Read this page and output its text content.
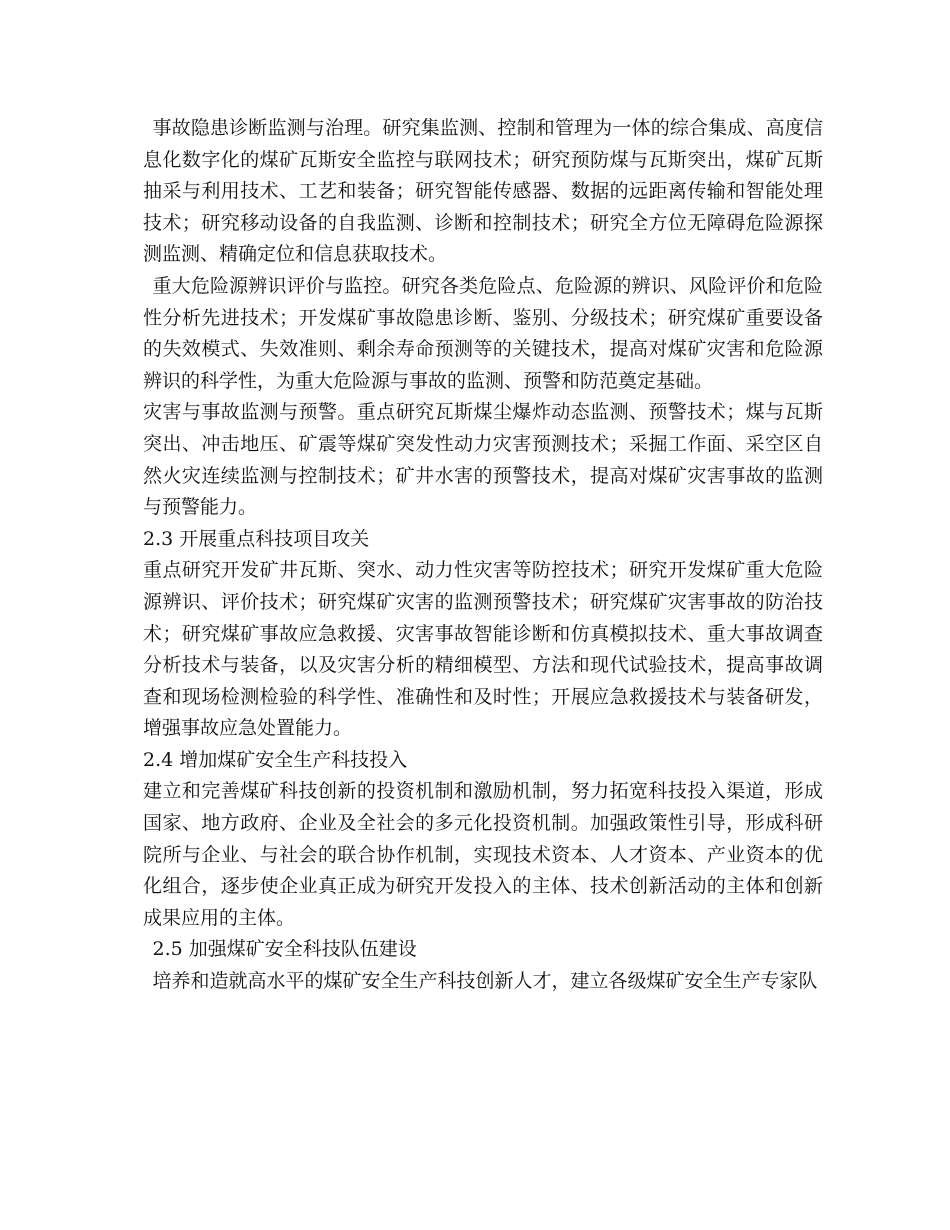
事故隐患诊断监测与治理。研究集监测、控制和管理为一体的综合集成、高度信息化数字化的煤矿瓦斯安全监控与联网技术；研究预防煤与瓦斯突出，煤矿瓦斯抽采与利用技术、工艺和装备；研究智能传感器、数据的远距离传输和智能处理技术；研究移动设备的自我监测、诊断和控制技术；研究全方位无障碍危险源探测监测、精确定位和信息获取技术。

重大危险源辨识评价与监控。研究各类危险点、危险源的辨识、风险评价和危险性分析先进技术；开发煤矿事故隐患诊断、鉴别、分级技术；研究煤矿重要设备的失效模式、失效准则、剩余寿命预测等的关键技术，提高对煤矿灾害和危险源辨识的科学性，为重大危险源与事故的监测、预警和防范奠定基础。

灾害与事故监测与预警。重点研究瓦斯煤尘爆炸动态监测、预警技术；煤与瓦斯突出、冲击地压、矿震等煤矿突发性动力灾害预测技术；采掘工作面、采空区自然火灾连续监测与控制技术；矿井水害的预警技术，提高对煤矿灾害事故的监测与预警能力。

2.3 开展重点科技项目攻关

重点研究开发矿井瓦斯、突水、动力性灾害等防控技术；研究开发煤矿重大危险源辨识、评价技术；研究煤矿灾害的监测预警技术；研究煤矿灾害事故的防治技术；研究煤矿事故应急救援、灾害事故智能诊断和仿真模拟技术、重大事故调查分析技术与装备，以及灾害分析的精细模型、方法和现代试验技术，提高事故调查和现场检测检验的科学性、准确性和及时性；开展应急救援技术与装备研发，增强事故应急处置能力。

2.4 增加煤矿安全生产科技投入

建立和完善煤矿科技创新的投资机制和激励机制，努力拓宽科技投入渠道，形成国家、地方政府、企业及全社会的多元化投资机制。加强政策性引导，形成科研院所与企业、与社会的联合协作机制，实现技术资本、人才资本、产业资本的优化组合，逐步使企业真正成为研究开发投入的主体、技术创新活动的主体和创新成果应用的主体。

2.5 加强煤矿安全科技队伍建设

培养和造就高水平的煤矿安全生产科技创新人才，建立各级煤矿安全生产专家队
